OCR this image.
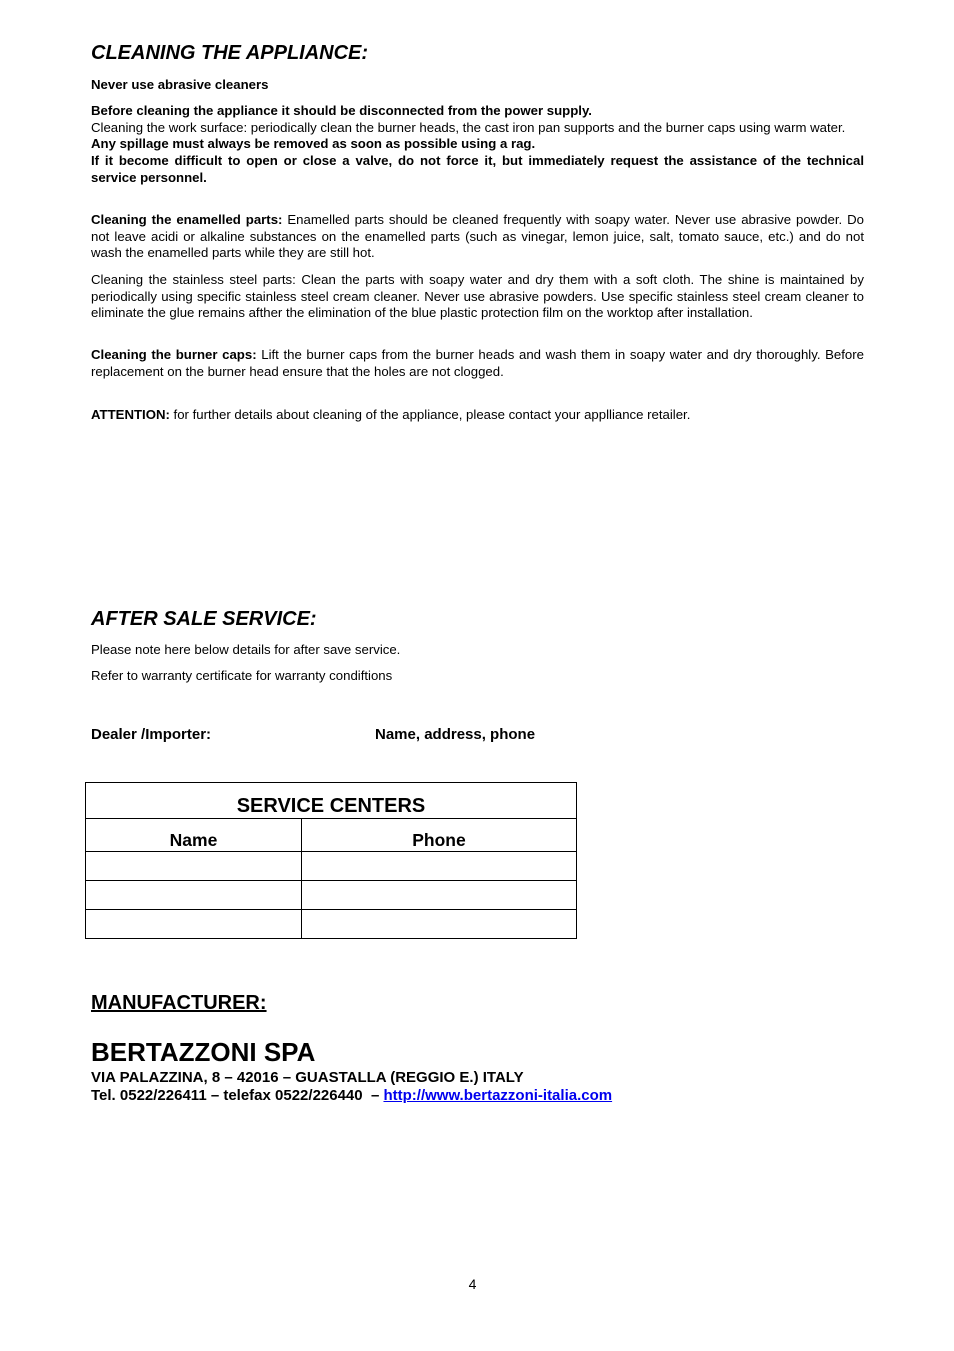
CLEANING THE APPLIANCE:

Never use abrasive cleaners

Before cleaning the appliance it should be disconnected from the power supply.

Cleaning the work surface: periodically clean the burner heads, the cast iron pan supports and the burner caps using warm water.

Any spillage must always be removed as soon as possible using a rag.

If it become difficult to open or close a valve, do not force it, but immediately request the assistance of the technical service personnel.

Cleaning the enamelled parts: Enamelled parts should be cleaned frequently with soapy water. Never use abrasive powder. Do not leave acidi or alkaline substances on the enamelled parts (such as vinegar, lemon juice, salt, tomato sauce, etc.) and do not wash the enamelled parts while they are still hot.

Cleaning the stainless steel parts: Clean the parts with soapy water and dry them with a soft cloth. The shine is maintained by periodically using specific stainless steel cream cleaner. Never use abrasive powders. Use specific stainless steel cream cleaner to eliminate the glue remains afther the elimination of the blue plastic protection film on the worktop after installation.

Cleaning the burner caps: Lift the burner caps from the burner heads and wash them in soapy water and dry thoroughly. Before replacement on the burner head ensure that the holes are not clogged.

ATTENTION: for further details about cleaning of the appliance, please contact your applliance retailer.

AFTER SALE SERVICE:

Please note here below details for after save service.

Refer to warranty certificate for warranty condiftions

Dealer /Importer:	Name, address, phone
SERVICE CENTERS	
Name	Phone

MANUFACTURER:
BERTAZZONI SPA
VIA PALAZZINA, 8 – 42016 – GUASTALLA (REGGIO E.) ITALY
Tel. 0522/226411 – telefax 0522/226440  – http://www.bertazzoni-italia.com
4
